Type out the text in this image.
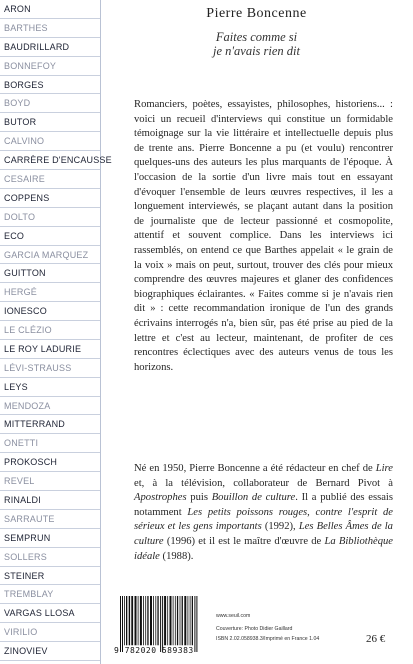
ARON
BARTHES
BAUDRILLARD
BONNEFOY
BORGES
BOYD
BUTOR
CALVINO
CARRÈRE D'ENCAUSSE
CESAIRE
COPPENS
DOLTO
ECO
GARCIA MARQUEZ
GUITTON
HERGÉ
IONESCO
LE CLÉZIO
LE ROY LADURIE
LÉVI-STRAUSS
LEYS
MENDOZA
MITTERRAND
ONETTI
PROKOSCH
REVEL
RINALDI
SARRAUTE
SEMPRUN
SOLLERS
STEINER
TREMBLAY
VARGAS LLOSA
VIRILIO
ZINOVIEV
Pierre Boncenne
Faites comme si
je n'avais rien dit

Romanciers, poètes, essayistes, philosophes, historiens... : voici un recueil d'interviews qui constitue un formidable témoignage sur la vie littéraire et intellectuelle depuis plus de trente ans. Pierre Boncenne a pu (et voulu) rencontrer quelques-uns des auteurs les plus marquants de l'époque. À l'occasion de la sortie d'un livre mais tout en essayant d'évoquer l'ensemble de leurs œuvres respectives, il les a longuement interviewés, se plaçant autant dans la position de journaliste que de lecteur passionné et cosmopolite, attentif et souvent complice. Dans les interviews ici rassemblés, on entend ce que Barthes appelait « le grain de la voix » mais on peut, surtout, trouver des clés pour mieux comprendre des œuvres majeures et glaner des confidences biographiques éclairantes. « Faites comme si je n'avais rien dit » : cette recommandation ironique de l'un des grands écrivains interrogés n'a, bien sûr, pas été prise au pied de la lettre et c'est au lecteur, maintenant, de profiter de ces rencontres éclectiques avec des auteurs venus de tous les horizons.

Né en 1950, Pierre Boncenne a été rédacteur en chef de Lire et, à la télévision, collaborateur de Bernard Pivot à Apostrophes puis Bouillon de culture. Il a publié des essais notamment Les petits poissons rouges, contre l'esprit de sérieux et les gens importants (1992), Les Belles Âmes de la culture (1996) et il est le maître d'œuvre de La Bibliothèque idéale (1988).

9 782020 589383
www.seuil.com
Couverture: Photo Didier Gaillard
ISBN 2.02.058938.3/Imprimé en France 1.04	26 €
